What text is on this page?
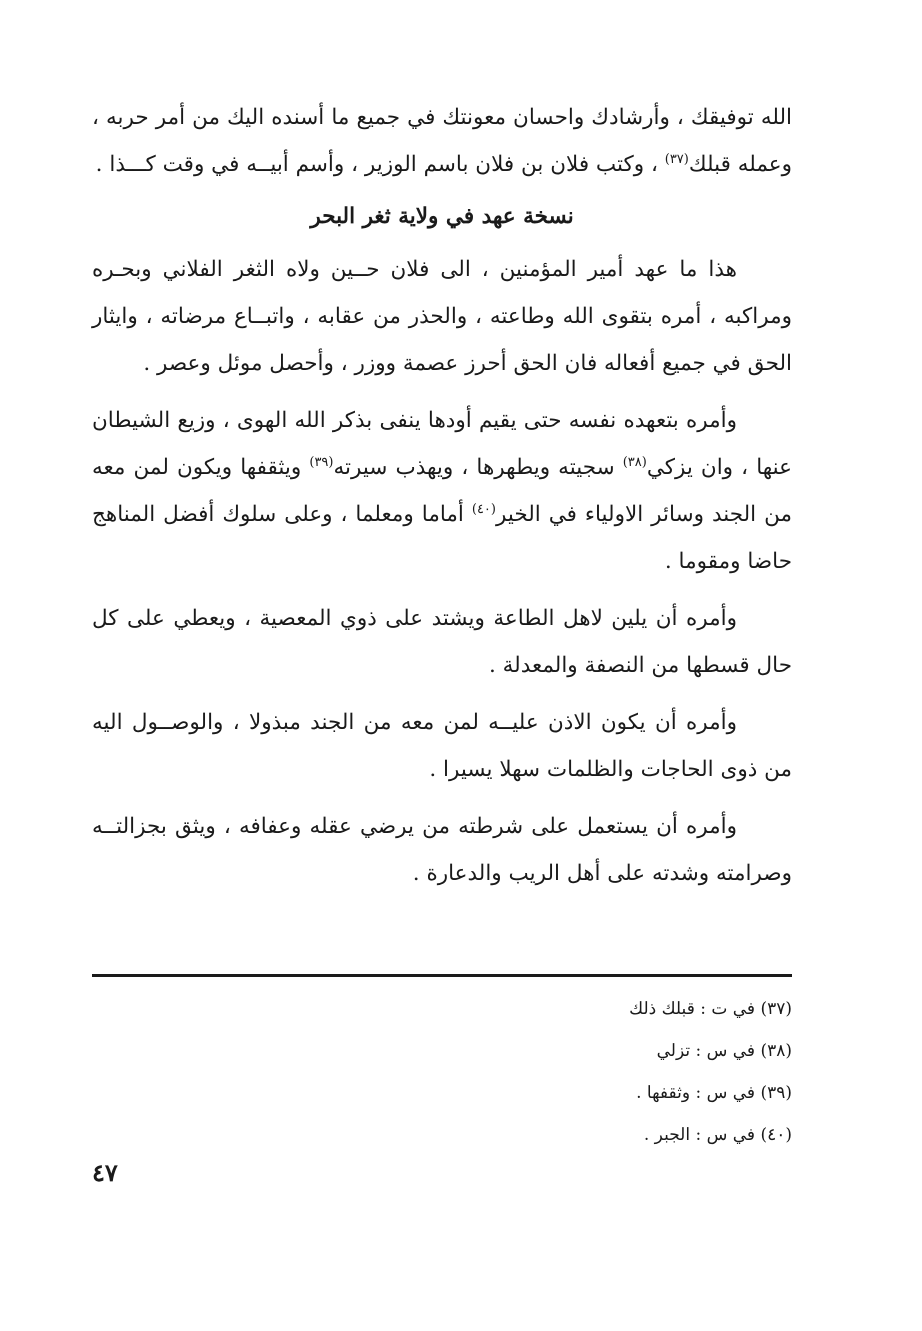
الله توفيقك ، وأرشادك واحسان معونتك في جميع ما أسنده اليك من أمر حربه ، وعمله قبلك$^{(٣٧)}$ ، وكتب فلان بن فلان باسم الوزير ، وأسم أبيــه في وقت كـــذا .

نسخة عهد في ولاية ثغر البحر

هذا ما عهد أمير المؤمنين ، الى فلان حــين ولاه الثغر الفلاني وبحـره ومراكبه ، أمره بتقوى الله وطاعته ، والحذر من عقابه ، واتبــاع مرضاته ، وايثار الحق في جميع أفعاله فان الحق أحرز عصمة ووزر ، وأحصل موئل وعصر .

وأمره بتعهده نفسه حتى يقيم أودها ينفى بذكر الله الهوى ، وزيع الشيطان عنها ، وان يزكي$^{(٣٨)}$ سجيته ويطهرها ، ويهذب سيرته$^{(٣٩)}$ ويثقفها ويكون لمن معه من الجند وسائر الاولياء في الخير$^{(٤٠)}$ أماما ومعلما ، وعلى سلوك أفضل المناهج حاضا ومقوما .

وأمره أن يلين لاهل الطاعة ويشتد على ذوي المعصية ، ويعطي على كل حال قسطها من النصفة والمعدلة .

وأمره أن يكون الاذن عليــه لمن معه من الجند مبذولا ، والوصــول اليه من ذوى الحاجات والظلمات سهلا يسيرا .

وأمره أن يستعمل على شرطته من يرضي عقله وعفافه ، ويثق بجزالتــه وصرامته وشدته على أهل الريب والدعارة .

(٣٧) في ت : قبلك ذلك

(٣٨) في س : تزلي

(٣٩) في س : وثقفها .

(٤٠) في س : الجبر .

٤٧
